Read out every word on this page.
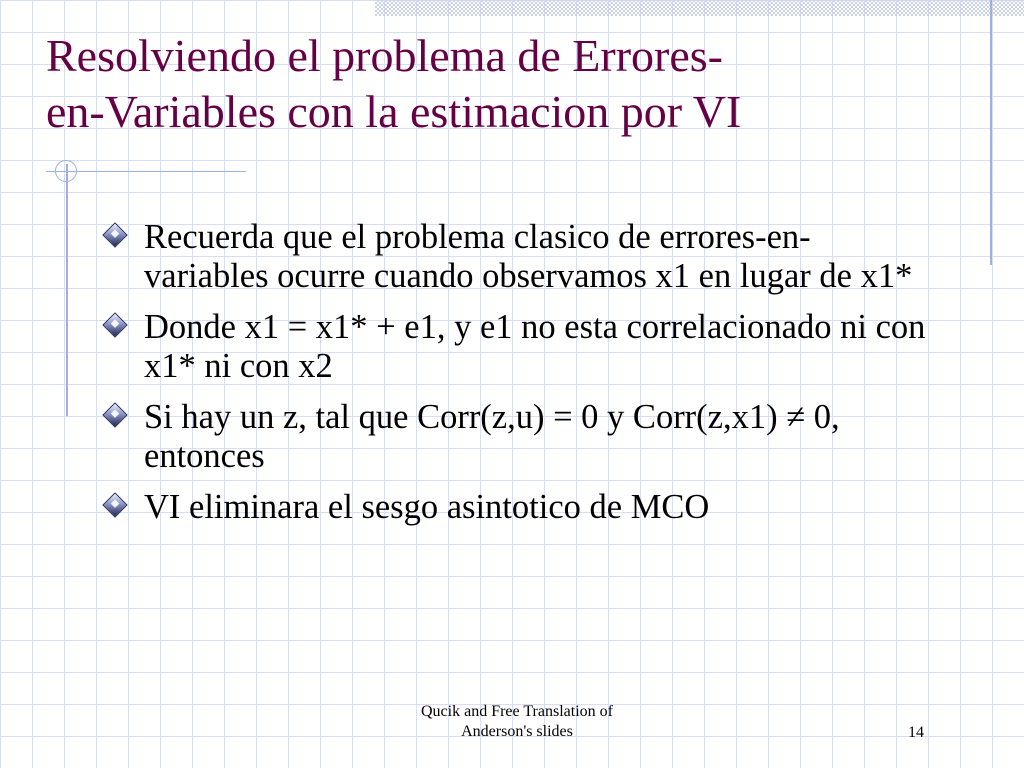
Resolviendo el problema de Errores-
en-Variables con la estimacion por VI
Recuerda que el problema clasico de errores-en-variables ocurre cuando observamos x1 en lugar de x1*
Donde x1 = x1* + e1, y e1 no esta correlacionado ni con x1* ni con x2
Si hay un z, tal que Corr(z,u) = 0 y Corr(z,x1) ≠ 0, entonces
VI eliminara el sesgo asintotico de MCO
Qucik and Free Translation of
Anderson's slides	14
